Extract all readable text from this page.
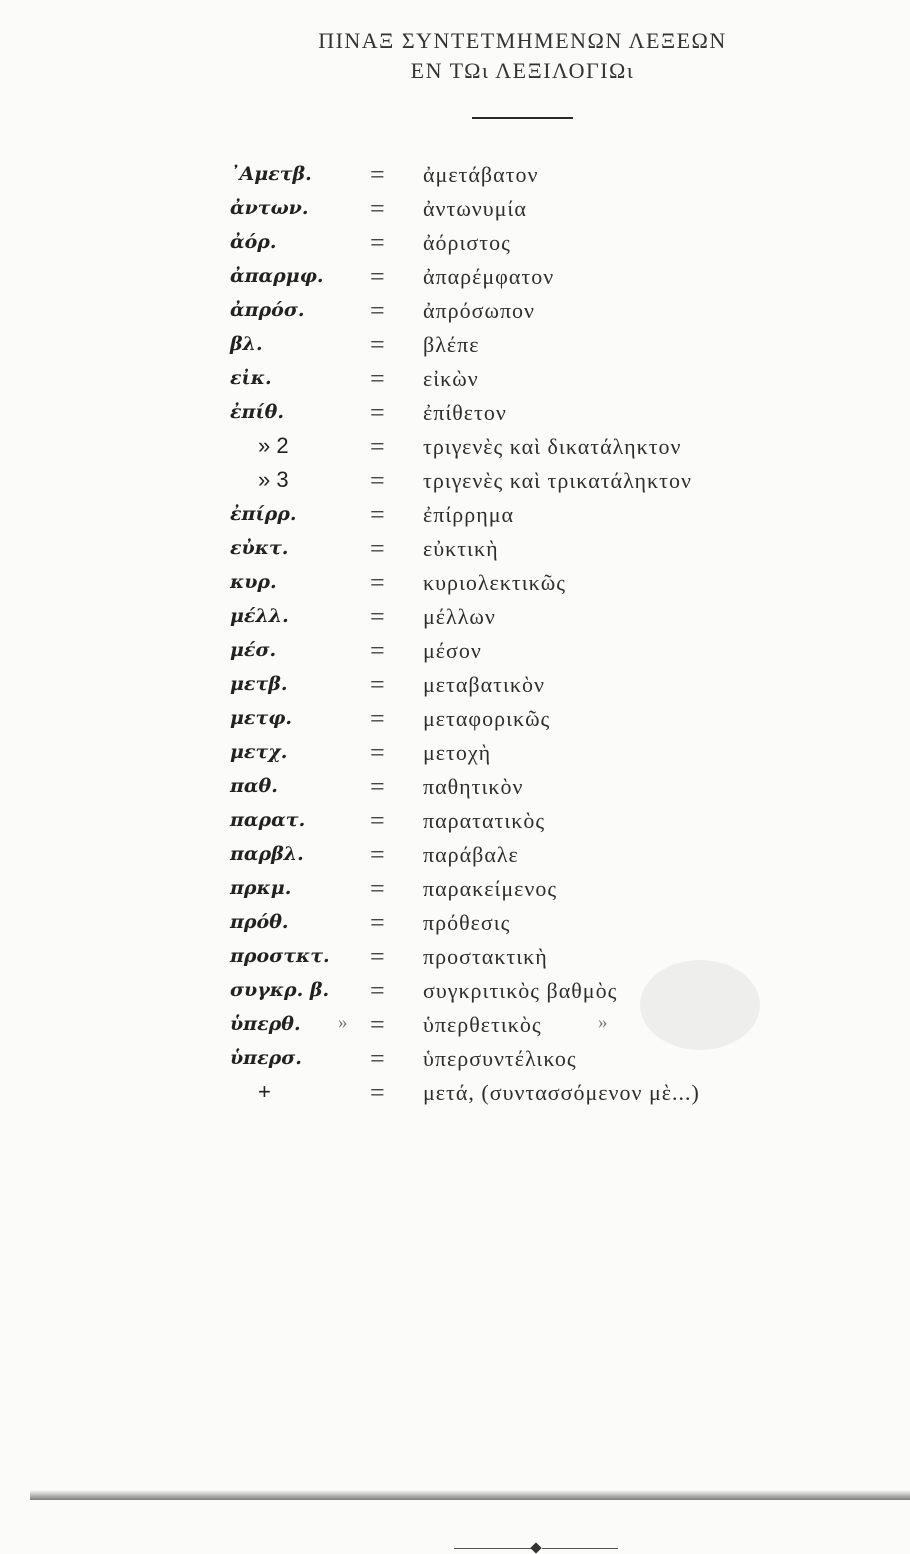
ΠΙΝΑΞ ΣΥΝΤΕΤΜΗΜΕΝΩΝ ΛΕΞΕΩΝ
ΕΝ ΤΩι ΛΕΞΙΛΟΓΙΩι
᾽Αμετβ. = ἀμετάβατον
ἀντων. = ἀντωνυμία
ἀόρ.	= ἀόριστος
ἀπαρμφ. = ἀπαρέμφατον
ἀπρόσ.	= ἀπρόσωπον
βλ.	= βλέπε
εἰκ.	= εἰκὼν
ἐπίθ.	= ἐπίθετον
» 2	= τριγενὲς καὶ δικατάληκτον
» 3	= τριγενὲς καὶ τρικατάληκτον
ἐπίρρ.	= ἐπίρρημα
εὐκτ.	= εὐκτικὴ
κυρ.	= κυριολεκτικῶς
μέλλ.	= μέλλων
μέσ.	= μέσον
μετβ.	= μεταβατικὸν
μετφ.	= μεταφορικῶς
μετχ.	= μετοχὴ
παθ.	= παθητικὸν
παρατ. = παρατατικὸς
παρβλ.	= παράβαλε
πρκμ.	= παρακείμενος
πρόθ.	= πρόθεσις
προστκτ. = προστακτικὴ
συγκρ. β. = συγκριτικὸς βαθμὸς
ὑπερθ. » = ὑπερθετικὸς	»
ὑπερσ.	= ὑπερσυντέλικος
+	= μετά, (συντασσόμενον μὲ...)
